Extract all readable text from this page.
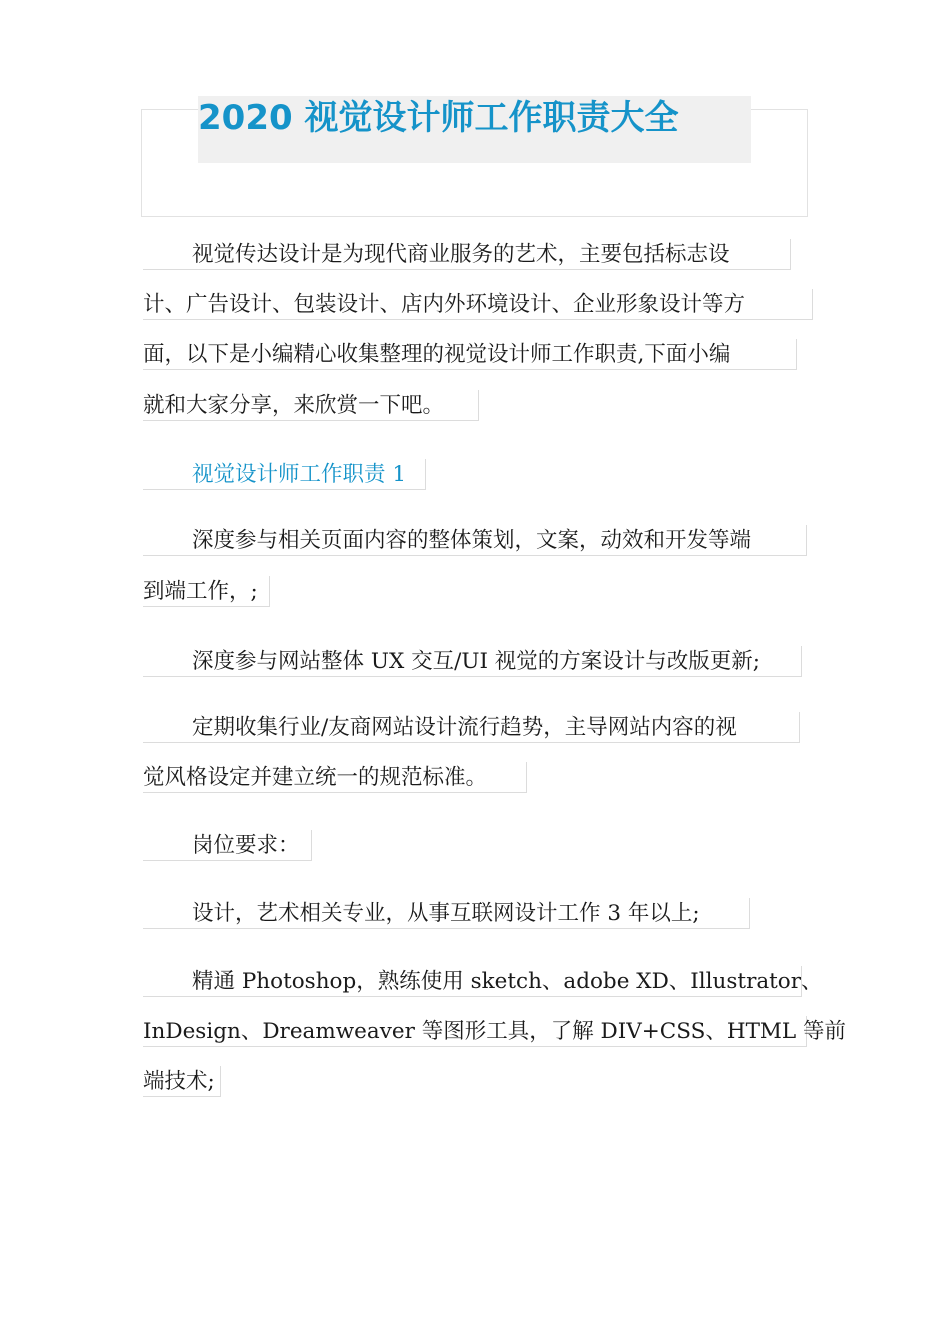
2020 视觉设计师工作职责大全
视觉传达设计是为现代商业服务的艺术，主要包括标志设
计、广告设计、包装设计、店内外环境设计、企业形象设计等方
面，以下是小编精心收集整理的视觉设计师工作职责,下面小编
就和大家分享，来欣赏一下吧。
视觉设计师工作职责 1
深度参与相关页面内容的整体策划，文案，动效和开发等端
到端工作，;
深度参与网站整体 UX 交互/UI 视觉的方案设计与改版更新;
定期收集行业/友商网站设计流行趋势，主导网站内容的视
觉风格设定并建立统一的规范标准。
岗位要求：
设计，艺术相关专业，从事互联网设计工作 3 年以上;
精通 Photoshop，熟练使用 sketch、adobe XD、Illustrator、
InDesign、Dreamweaver 等图形工具，了解 DIV+CSS、HTML 等前
端技术;
